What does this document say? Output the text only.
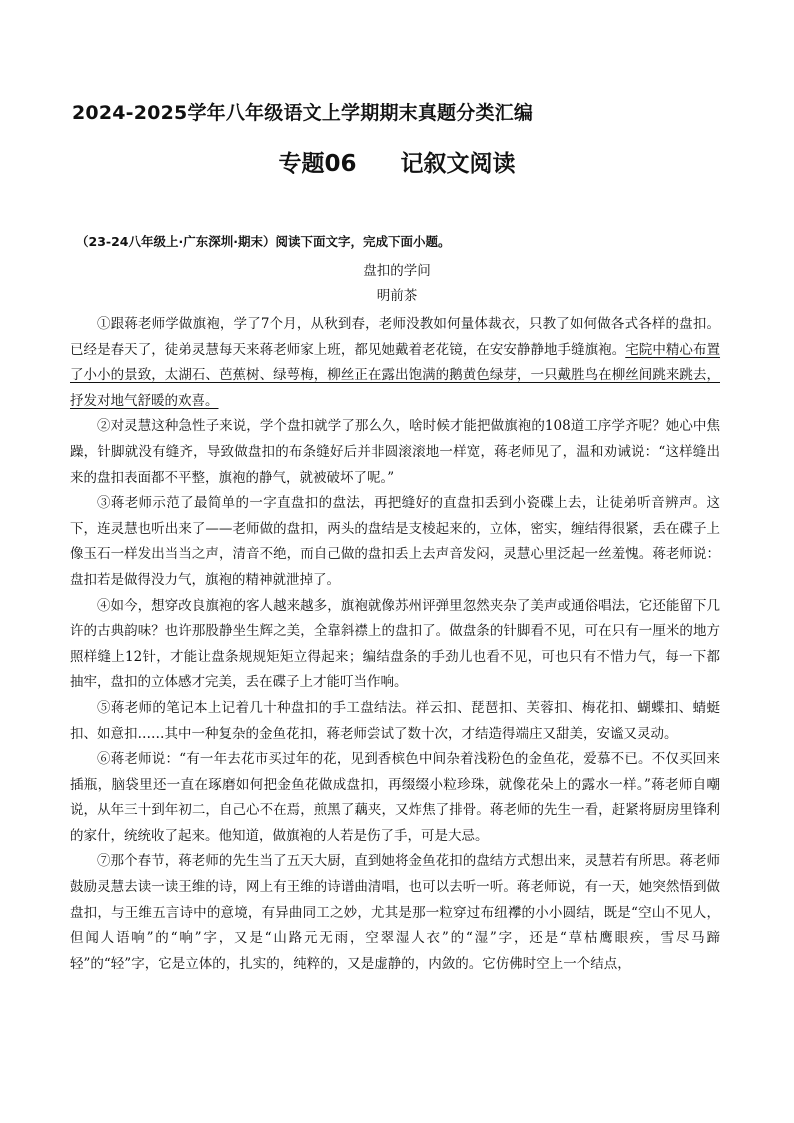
2024-2025学年八年级语文上学期期末真题分类汇编
专题06 记叙文阅读
（23-24八年级上·广东深圳·期末）阅读下面文字，完成下面小题。
盘扣的学问
明前茶

①跟蒋老师学做旗袍，学了7个月，从秋到春，老师没教如何量体裁衣，只教了如何做各式各样的盘扣。已经是春天了，徒弟灵慧每天来蒋老师家上班，都见她戴着老花镜，在安安静静地手缝旗袍。宅院中精心布置了小小的景致，太湖石、芭蕉树、绿萼梅，柳丝正在露出饱满的鹅黄色绿芽，一只戴胜鸟在柳丝间跳来跳去，抒发对地气舒暖的欢喜。

②对灵慧这种急性子来说，学个盘扣就学了那么久，啥时候才能把做旗袍的108道工序学齐呢？她心中焦躁，针脚就没有缝齐，导致做盘扣的布条缝好后并非圆滚滚地一样宽，蒋老师见了，温和劝诫说：“这样缝出来的盘扣表面都不平整，旗袍的静气，就被破坏了呢。”

③蒋老师示范了最简单的一字直盘扣的盘法，再把缝好的直盘扣丢到小瓷碟上去，让徒弟听音辨声。这下，连灵慧也听出来了——老师做的盘扣，两头的盘结是支棱起来的，立体，密实，缠结得很紧，丢在碟子上像玉石一样发出当当之声，清音不绝，而自己做的盘扣丢上去声音发闷，灵慧心里泛起一丝羞愧。蒋老师说：盘扣若是做得没力气，旗袍的精神就泄掉了。

④如今，想穿改良旗袍的客人越来越多，旗袍就像苏州评弹里忽然夹杂了美声或通俗唱法，它还能留下几许的古典韵味？也许那股静坐生辉之美，全靠斜襟上的盘扣了。做盘条的针脚看不见，可在只有一厘米的地方照样缝上12针，才能让盘条规规矩矩立得起来；编结盘条的手劲儿也看不见，可也只有不惜力气，每一下都抽牢，盘扣的立体感才完美，丢在碟子上才能叮当作响。

⑤蒋老师的笔记本上记着几十种盘扣的手工盘结法。祥云扣、琵琶扣、芙蓉扣、梅花扣、蝴蝶扣、蜻蜓扣、如意扣……其中一种复杂的金鱼花扣，蒋老师尝试了数十次，才结造得端庄又甜美，安谧又灵动。

⑥蒋老师说：“有一年去花市买过年的花，见到香槟色中间杂着浅粉色的金鱼花，爱慕不已。不仅买回来插瓶，脑袋里还一直在琢磨如何把金鱼花做成盘扣，再缀缀小粒珍珠，就像花朵上的露水一样。”蒋老师自嘲说，从年三十到年初二，自己心不在焉，煎黑了藕夹，又炸焦了排骨。蒋老师的先生一看，赶紧将厨房里锋利的家什，统统收了起来。他知道，做旗袍的人若是伤了手，可是大忌。

⑦那个春节，蒋老师的先生当了五天大厨，直到她将金鱼花扣的盘结方式想出来，灵慧若有所思。蒋老师鼓励灵慧去读一读王维的诗，网上有王维的诗谱曲清唱，也可以去听一听。蒋老师说，有一天，她突然悟到做盘扣，与王维五言诗中的意境，有异曲同工之妙，尤其是那一粒穿过布纽襻的小小圆结，既是“空山不见人，但闻人语响”的“响”字，又是“山路元无雨，空翠湿人衣”的“湿”字，还是“草枯鹰眼疾，雪尽马蹄轻”的“轻”字，它是立体的，扎实的，纯粹的，又是虚静的，内敛的。它仿佛时空上一个结点，
